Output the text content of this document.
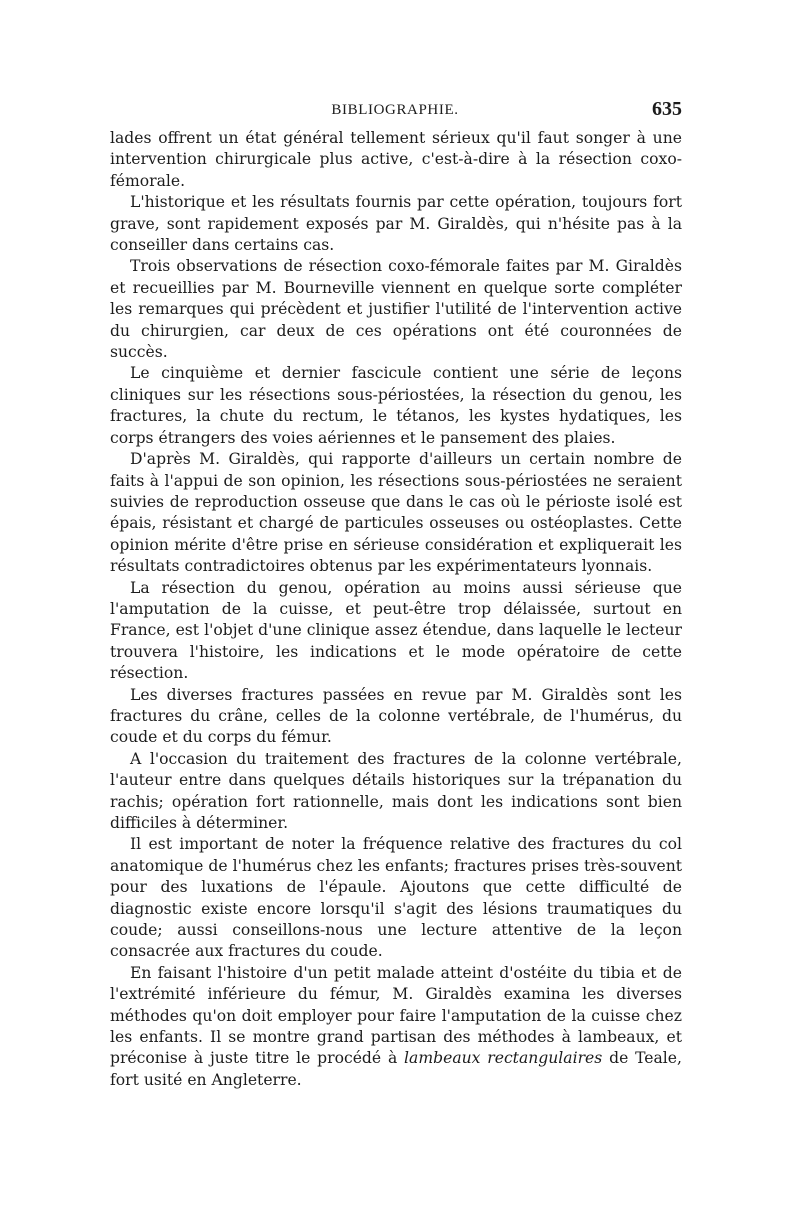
BIBLIOGRAPHIE.	635

lades offrent un état général tellement sérieux qu'il faut songer à une intervention chirurgicale plus active, c'est-à-dire à la résection coxo-fémorale.

L'historique et les résultats fournis par cette opération, toujours fort grave, sont rapidement exposés par M. Giraldès, qui n'hésite pas à la conseiller dans certains cas.

Trois observations de résection coxo-fémorale faites par M. Giraldès et recueillies par M. Bourneville viennent en quelque sorte compléter les remarques qui précèdent et justifier l'utilité de l'intervention active du chirurgien, car deux de ces opérations ont été couronnées de succès.

Le cinquième et dernier fascicule contient une série de leçons cliniques sur les résections sous-périostées, la résection du genou, les fractures, la chute du rectum, le tétanos, les kystes hydatiques, les corps étrangers des voies aériennes et le pansement des plaies.

D'après M. Giraldès, qui rapporte d'ailleurs un certain nombre de faits à l'appui de son opinion, les résections sous-périostées ne seraient suivies de reproduction osseuse que dans le cas où le périoste isolé est épais, résistant et chargé de particules osseuses ou ostéoplastes. Cette opinion mérite d'être prise en sérieuse considération et expliquerait les résultats contradictoires obtenus par les expérimentateurs lyonnais.

La résection du genou, opération au moins aussi sérieuse que l'amputation de la cuisse, et peut-être trop délaissée, surtout en France, est l'objet d'une clinique assez étendue, dans laquelle le lecteur trouvera l'histoire, les indications et le mode opératoire de cette résection.

Les diverses fractures passées en revue par M. Giraldès sont les fractures du crâne, celles de la colonne vertébrale, de l'humérus, du coude et du corps du fémur.

A l'occasion du traitement des fractures de la colonne vertébrale, l'auteur entre dans quelques détails historiques sur la trépanation du rachis; opération fort rationnelle, mais dont les indications sont bien difficiles à déterminer.

Il est important de noter la fréquence relative des fractures du col anatomique de l'humérus chez les enfants; fractures prises très-souvent pour des luxations de l'épaule. Ajoutons que cette difficulté de diagnostic existe encore lorsqu'il s'agit des lésions traumatiques du coude; aussi conseillons-nous une lecture attentive de la leçon consacrée aux fractures du coude.

En faisant l'histoire d'un petit malade atteint d'ostéite du tibia et de l'extrémité inférieure du fémur, M. Giraldès examina les diverses méthodes qu'on doit employer pour faire l'amputation de la cuisse chez les enfants. Il se montre grand partisan des méthodes à lambeaux, et préconise à juste titre le procédé à lambeaux rectangulaires de Teale, fort usité en Angleterre.
